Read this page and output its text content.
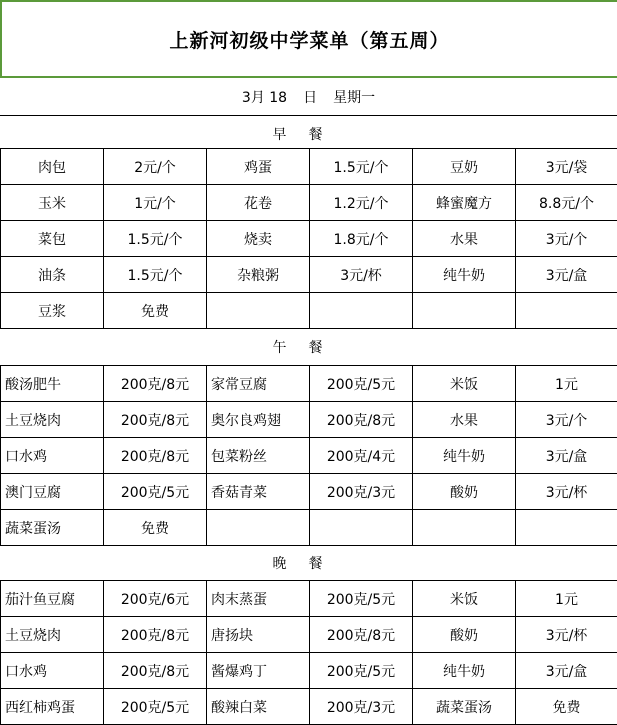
上新河初级中学菜单（第五周）
3月 18 日 星期一
早餐
肉包	2元/个	鸡蛋	1.5元/个	豆奶	3元/袋
玉米	1元/个	花卷	1.2元/个	蜂蜜魔方	8.8元/个
菜包	1.5元/个	烧卖	1.8元/个	水果	3元/个
油条	1.5元/个	杂粮粥	3元/杯	纯牛奶	3元/盒
豆浆	免费				
午餐
酸汤肥牛	200克/8元	家常豆腐	200克/5元	米饭	1元
土豆烧肉	200克/8元	奥尔良鸡翅	200克/8元	水果	3元/个
口水鸡	200克/8元	包菜粉丝	200克/4元	纯牛奶	3元/盒
澳门豆腐	200克/5元	香菇青菜	200克/3元	酸奶	3元/杯
蔬菜蛋汤	免费				
晚餐
茄汁鱼豆腐	200克/6元	肉末蒸蛋	200克/5元	米饭	1元
土豆烧肉	200克/8元	唐扬块	200克/8元	酸奶	3元/杯
口水鸡	200克/8元	酱爆鸡丁	200克/5元	纯牛奶	3元/盒
西红柿鸡蛋	200克/5元	酸辣白菜	200克/3元	蔬菜蛋汤	免费
